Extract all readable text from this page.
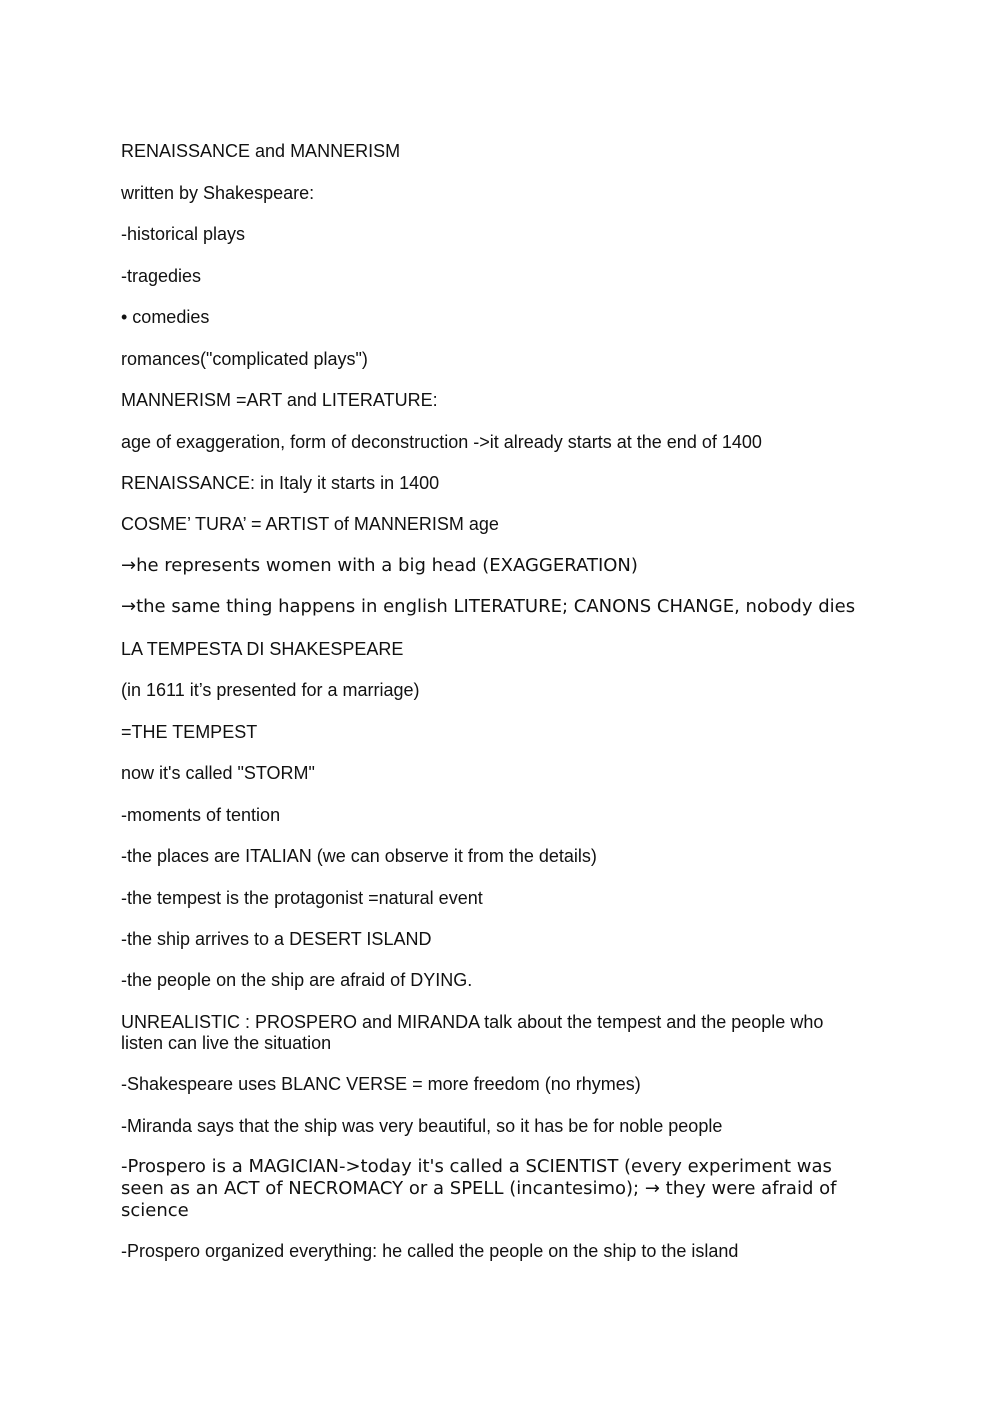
RENAISSANCE and MANNERISM

written by Shakespeare:

-historical plays

-tragedies

• comedies

romances("complicated plays")

MANNERISM =ART and LITERATURE:

age of exaggeration, form of deconstruction ->it already starts at the end of 1400

RENAISSANCE: in Italy it starts in 1400

COSME’ TURA’ = ARTIST of MANNERISM age

→he represents women with a big head (EXAGGERATION)

→the same thing happens in english LITERATURE; CANONS CHANGE, nobody dies

LA TEMPESTA DI SHAKESPEARE

(in 1611 it’s presented for a marriage)

=THE TEMPEST

now it's called "STORM"

-moments of tention

-the places are ITALIAN (we can observe it from the details)

-the tempest is the protagonist =natural event

-the ship arrives to a DESERT ISLAND

-the people on the ship are afraid of DYING.

UNREALISTIC : PROSPERO and MIRANDA talk about the tempest and the people who listen can live the situation

-Shakespeare uses BLANC VERSE = more freedom (no rhymes)

-Miranda says that the ship was very beautiful, so it has be for noble people

-Prospero is a MAGICIAN->today it's called a SCIENTIST (every experiment was seen as an ACT of NECROMACY or a SPELL (incantesimo); → they were afraid of science

-Prospero organized everything: he called the people on the ship to the island
